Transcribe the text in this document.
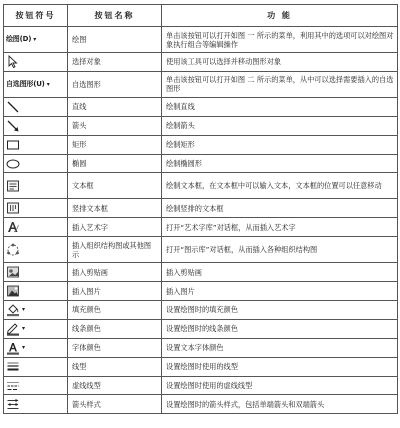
按钮符号	按钮名称	功 能

绘图(D) ▾	绘图	单击该按钮可以打开如图 一 所示的菜单，利用其中的选项可以对绘图对象执行组合等编辑操作

	选择对象	使用该工具可以选择并移动图形对象

自选图形(U) ▾	自选图形	单击该按钮可以打开如图 二 所示的菜单，从中可以选择需要插入的自选图形

	直线	绘制直线

	箭头	绘制箭头

	矩形	绘制矩形

	椭圆	绘制椭圆形

	文本框	绘制文本框，在文本框中可以输入文本，文本框的位置可以任意移动

	竖排文本框	绘制竖排的文本框

	插入艺术字	打开“艺术字库”对话框，从而插入艺术字

	插入组织结构图或其他图示	打开“图示库”对话框，从而插入各种组织结构图

	插入剪贴画	插入剪贴画

	插入图片	插入图片

▾	填充颜色	设置绘图时的填充颜色

▾	线条颜色	设置绘图时的线条颜色

▾	字体颜色	设置文本字体颜色

	线型	设置绘图时使用的线型

	虚线线型	设置绘图时使用的虚线线型

	箭头样式	设置绘图时的箭头样式，包括单端箭头和双端箭头
